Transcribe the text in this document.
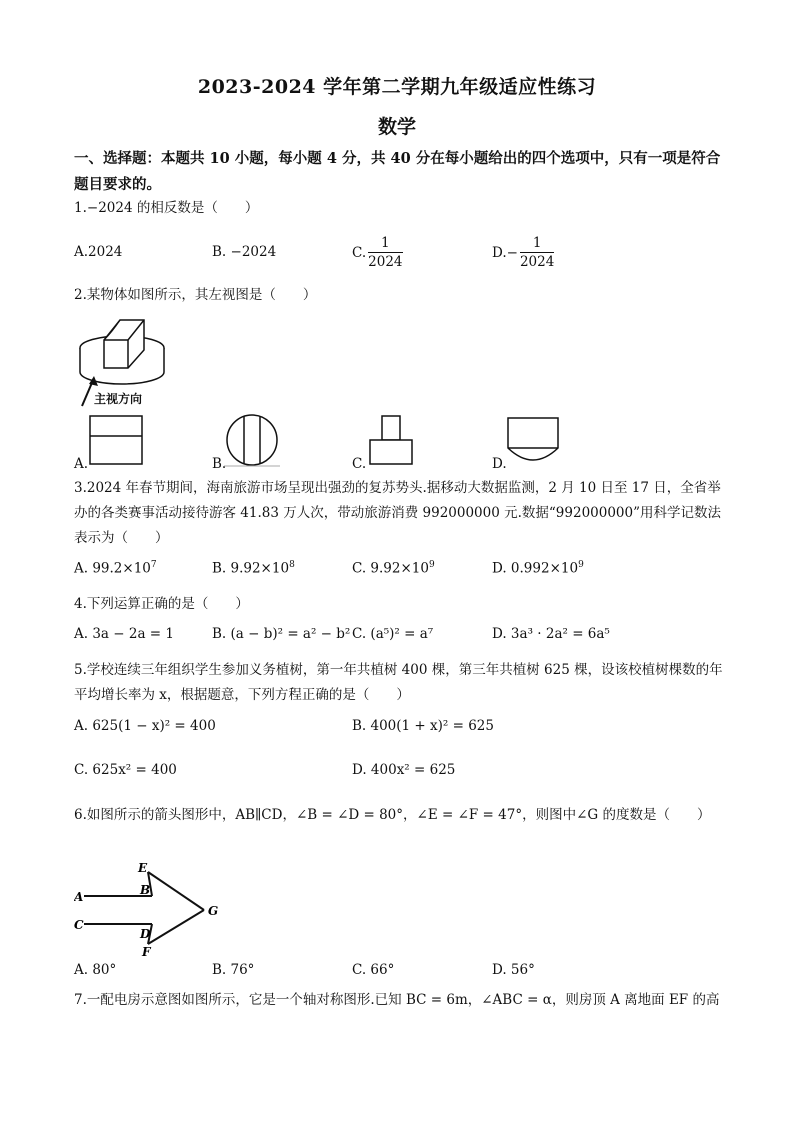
2023-2024 学年第二学期九年级适应性练习
数学
一、选择题：本题共 10 小题，每小题 4 分，共 40 分在每小题给出的四个选项中，只有一项是符合题目要求的。
1.−2024 的相反数是（　　）
A.2024	B. −2024	C. $\frac{1}{2024}$	$D.- \frac{1}{2024}$
2.某物体如图所示，其左视图是（　　）
主视方向
A.	B.	C.	D.
3.2024 年春节期间，海南旅游市场呈现出强劲的复苏势头.据移动大数据监测，2 月 10 日至 17 日，全省举办的各类赛事活动接待游客 41.83 万人次，带动旅游消费 992000000 元.数据“992000000”用科学记数法表示为（　　）
A. $99.2\times 10^7$	B. $9.92\times 10^8$	C. $9.92\times 10^9$	D. $0.992\times 10^9$
4.下列运算正确的是（　　）
A. 3a − 2a = 1	B. (a − b)² = a² − b² C. (a⁵)² = a⁷	D. 3a³ · 2a² = 6a⁵
5.学校连续三年组织学生参加义务植树，第一年共植树 400 棵，第三年共植树 625 棵，设该校植树棵数的年平均增长率为 x，根据题意，下列方程正确的是（　　）
A. 625(1 − x)² = 400	B. 400(1 + x)² = 625
C. 625x² = 400	D. 400x² = 625
6.如图所示的箭头图形中，AB∥CD，∠B = ∠D = 80°，∠E = ∠F = 47°，则图中∠G 的度数是（　　）
A	B
C
D
E
F
G
A. 80°	B. 76°	C. 66°	D. 56°
7.一配电房示意图如图所示，它是一个轴对称图形.已知 BC = 6m，∠ABC = α，则房顶 A 离地面 EF 的高
